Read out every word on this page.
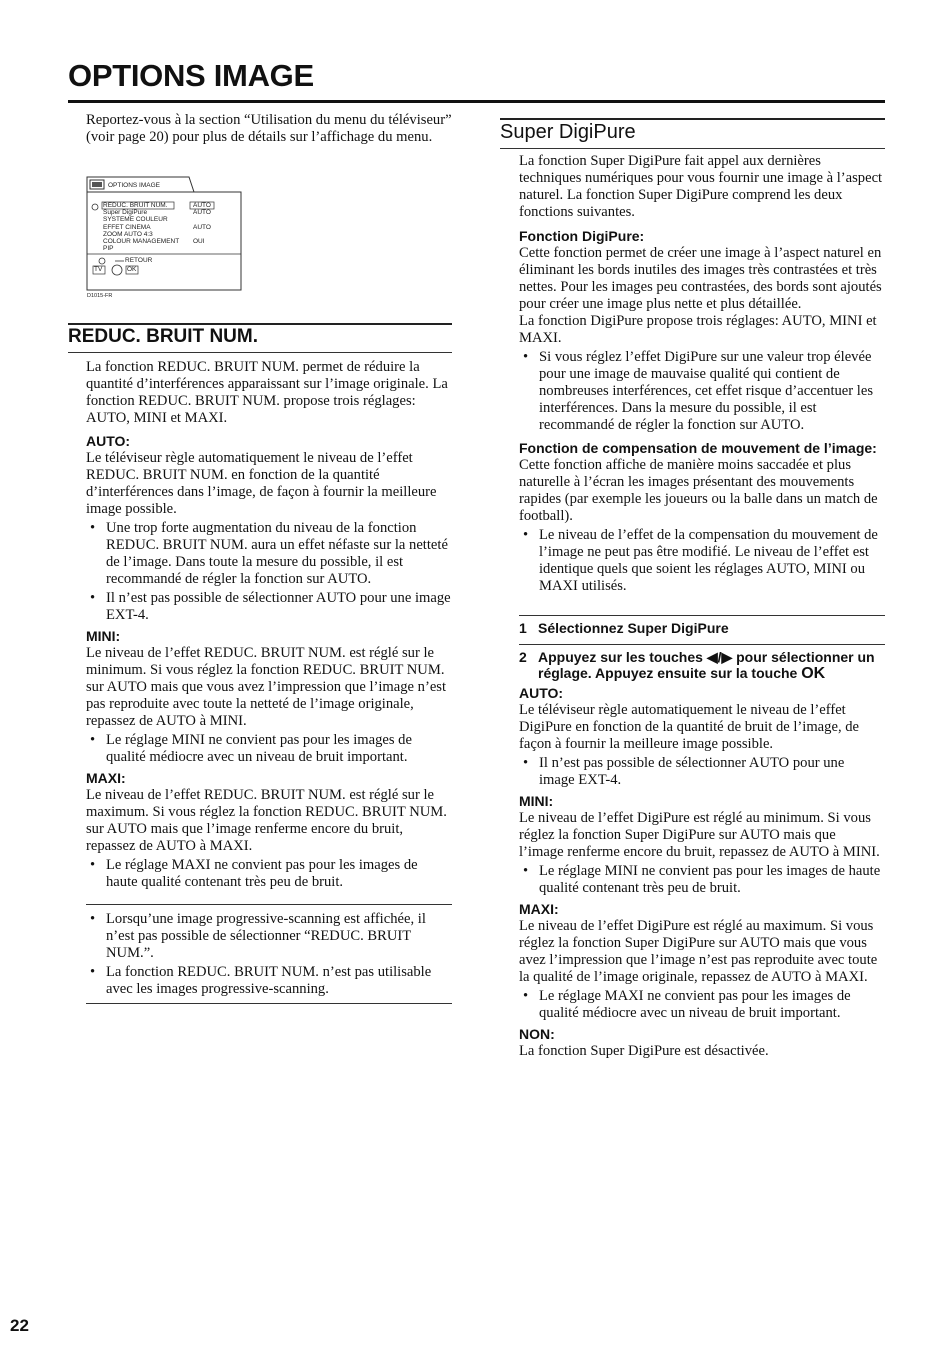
OPTIONS IMAGE

Reportez-vous à la section “Utilisation du menu du téléviseur” (voir page 20) pour plus de détails sur l’affichage du menu.

OPTIONS IMAGE
REDUC. BRUIT NUM.	AUTO
Super DigiPure	AUTO
SYSTEME COULEUR
EFFET CINEMA	AUTO
ZOOM AUTO 4:3
COLOUR MANAGEMENT OUI
PIP
RETOUR
TV	OK
D1015-FR
REDUC. BRUIT NUM.

La fonction REDUC. BRUIT NUM. permet de réduire la quantité d’interférences apparaissant sur l’image originale. La fonction REDUC. BRUIT NUM. propose trois réglages: AUTO, MINI et MAXI.

AUTO:

Le téléviseur règle automatiquement le niveau de l’effet REDUC. BRUIT NUM. en fonction de la quantité d’interférences dans l’image, de façon à fournir la meilleure image possible.

• Une trop forte augmentation du niveau de la fonction REDUC. BRUIT NUM. aura un effet néfaste sur la netteté de l’image. Dans toute la mesure du possible, il est recommandé de régler la fonction sur AUTO.
• Il n’est pas possible de sélectionner AUTO pour une image EXT-4.
MINI:

Le niveau de l’effet REDUC. BRUIT NUM. est réglé sur le minimum. Si vous réglez la fonction REDUC. BRUIT NUM. sur AUTO mais que vous avez l’impression que l’image n’est pas reproduite avec toute la netteté de l’image originale, repassez de AUTO à MINI.

• Le réglage MINI ne convient pas pour les images de qualité médiocre avec un niveau de bruit important.
MAXI:

Le niveau de l’effet REDUC. BRUIT NUM. est réglé sur le maximum. Si vous réglez la fonction REDUC. BRUIT NUM. sur AUTO mais que l’image renferme encore du bruit, repassez de AUTO à MAXI.

• Le réglage MAXI ne convient pas pour les images de haute qualité contenant très peu de bruit.
• Lorsqu’une image progressive-scanning est affichée, il n’est pas possible de sélectionner “REDUC. BRUIT NUM.”.
• La fonction REDUC. BRUIT NUM. n’est pas utilisable avec les images progressive-scanning.
Super DigiPure

La fonction Super DigiPure fait appel aux dernières techniques numériques pour vous fournir une image à l’aspect naturel. La fonction Super DigiPure comprend les deux fonctions suivantes.

Fonction DigiPure:

Cette fonction permet de créer une image à l’aspect naturel en éliminant les bords inutiles des images très contrastées et très nettes. Pour les images peu contrastées, des bords sont ajoutés pour créer une image plus nette et plus détaillée.

La fonction DigiPure propose trois réglages: AUTO, MINI et MAXI.

• Si vous réglez l’effet DigiPure sur une valeur trop élevée pour une image de mauvaise qualité qui contient de nombreuses interférences, cet effet risque d’accentuer les interférences. Dans la mesure du possible, il est recommandé de régler la fonction sur AUTO.
Fonction de compensation de mouvement de l’image:

Cette fonction affiche de manière moins saccadée et plus naturelle à l’écran les images présentant des mouvements rapides (par exemple les joueurs ou la balle dans un match de football).

• Le niveau de l’effet de la compensation du mouvement de l’image ne peut pas être modifié. Le niveau de l’effet est identique quels que soient les réglages AUTO, MINI ou MAXI utilisés.
1 Sélectionnez Super DigiPure
2 Appuyez sur les touches ◀/▶ pour sélectionner un réglage. Appuyez ensuite sur la touche OK
AUTO:

Le téléviseur règle automatiquement le niveau de l’effet DigiPure en fonction de la quantité de bruit de l’image, de façon à fournir la meilleure image possible.

• Il n’est pas possible de sélectionner AUTO pour une image EXT-4.
MINI:

Le niveau de l’effet DigiPure est réglé au minimum. Si vous réglez la fonction Super DigiPure sur AUTO mais que l’image renferme encore du bruit, repassez de AUTO à MINI.

• Le réglage MINI ne convient pas pour les images de haute qualité contenant très peu de bruit.
MAXI:

Le niveau de l’effet DigiPure est réglé au maximum. Si vous réglez la fonction Super DigiPure sur AUTO mais que vous avez l’impression que l’image n’est pas reproduite avec toute la qualité de l’image originale, repassez de AUTO à MAXI.

• Le réglage MAXI ne convient pas pour les images de qualité médiocre avec un niveau de bruit important.
NON:

La fonction Super DigiPure est désactivée.

22
